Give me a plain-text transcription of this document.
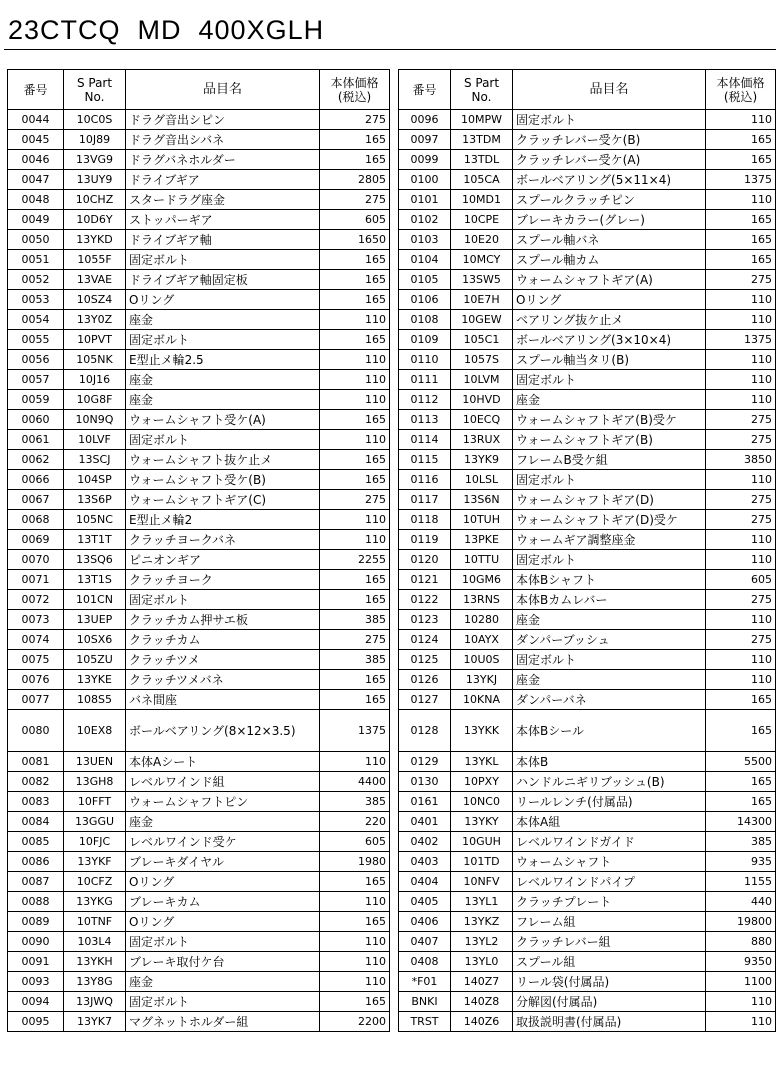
23CTCQ  MD  400XGLH
番号	S Part
No.	品目名	本体価格
(税込)
0044	10C0S	ドラグ音出シピン	275
0045	10J89	ドラグ音出シバネ	165
0046	13VG9	ドラグバネホルダー	165
0047	13UY9	ドライブギア	2805
0048	10CHZ	スタードラグ座金	275
0049	10D6Y	ストッパーギア	605
0050	13YKD	ドライブギア軸	1650
0051	1055F	固定ボルト	165
0052	13VAE	ドライブギア軸固定板	165
0053	10SZ4	Oリング	165
0054	13Y0Z	座金	110
0055	10PVT	固定ボルト	165
0056	105NK	E型止メ輪2.5	110
0057	10J16	座金	110
0059	10G8F	座金	110
0060	10N9Q	ウォームシャフト受ケ(A)	165
0061	10LVF	固定ボルト	110
0062	13SCJ	ウォームシャフト抜ケ止メ	165
0066	104SP	ウォームシャフト受ケ(B)	165
0067	13S6P	ウォームシャフトギア(C)	275
0068	105NC	E型止メ輪2	110
0069	13T1T	クラッチヨークバネ	110
0070	13SQ6	ピニオンギア	2255
0071	13T1S	クラッチヨーク	165
0072	101CN	固定ボルト	165
0073	13UEP	クラッチカム押サエ板	385
0074	10SX6	クラッチカム	275
0075	105ZU	クラッチツメ	385
0076	13YKE	クラッチツメバネ	165
0077	108S5	バネ間座	165
0080	10EX8	ボールベアリング(8×12×3.5)	1375
0081	13UEN	本体Aシート	110
0082	13GH8	レベルワインド組	4400
0083	10FFT	ウォームシャフトピン	385
0084	13GGU	座金	220
0085	10FJC	レベルワインド受ケ	605
0086	13YKF	ブレーキダイヤル	1980
0087	10CFZ	Oリング	165
0088	13YKG	ブレーキカム	110
0089	10TNF	Oリング	165
0090	103L4	固定ボルト	110
0091	13YKH	ブレーキ取付ケ台	110
0093	13Y8G	座金	110
0094	13JWQ	固定ボルト	165
0095	13YK7	マグネットホルダー組	2200
番号	S Part
No.	品目名	本体価格
(税込)
0096	10MPW	固定ボルト	110
0097	13TDM	クラッチレバー受ケ(B)	165
0099	13TDL	クラッチレバー受ケ(A)	165
0100	105CA	ボールベアリング(5×11×4)	1375
0101	10MD1	スプールクラッチピン	110
0102	10CPE	ブレーキカラー(グレー)	165
0103	10E20	スプール軸バネ	165
0104	10MCY	スプール軸カム	165
0105	13SW5	ウォームシャフトギア(A)	275
0106	10E7H	Oリング	110
0108	10GEW	ベアリング抜ケ止メ	110
0109	105C1	ボールベアリング(3×10×4)	1375
0110	1057S	スプール軸当タリ(B)	110
0111	10LVM	固定ボルト	110
0112	10HVD	座金	110
0113	10ECQ	ウォームシャフトギア(B)受ケ	275
0114	13RUX	ウォームシャフトギア(B)	275
0115	13YK9	フレームB受ケ組	3850
0116	10LSL	固定ボルト	110
0117	13S6N	ウォームシャフトギア(D)	275
0118	10TUH	ウォームシャフトギア(D)受ケ	275
0119	13PKE	ウォームギア調整座金	110
0120	10TTU	固定ボルト	110
0121	10GM6	本体Bシャフト	605
0122	13RNS	本体Bカムレバー	275
0123	10280	座金	110
0124	10AYX	ダンパーブッシュ	275
0125	10U0S	固定ボルト	110
0126	13YKJ	座金	110
0127	10KNA	ダンパーバネ	165
0128	13YKK	本体Bシール	165
0129	13YKL	本体B	5500
0130	10PXY	ハンドルニギリブッシュ(B)	165
0161	10NC0	リールレンチ(付属品)	165
0401	13YKY	本体A組	14300
0402	10GUH	レベルワインドガイド	385
0403	101TD	ウォームシャフト	935
0404	10NFV	レベルワインドパイプ	1155
0405	13YL1	クラッチプレート	440
0406	13YKZ	フレーム組	19800
0407	13YL2	クラッチレバー組	880
0408	13YL0	スプール組	9350
*F01	140Z7	リール袋(付属品)	1100
BNKI	140Z8	分解図(付属品)	110
TRST	140Z6	取扱説明書(付属品)	110
